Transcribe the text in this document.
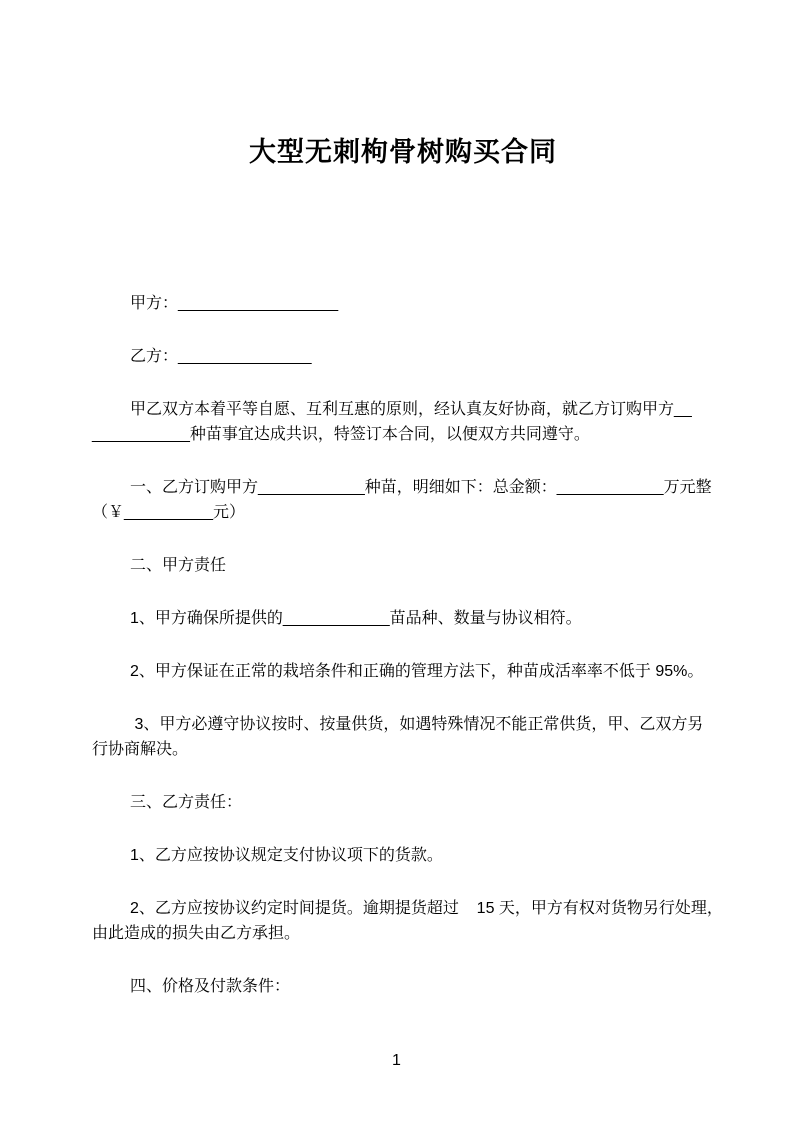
大型无刺枸骨树购买合同
甲方：__________________
乙方：_______________
甲乙双方本着平等自愿、互利互惠的原则，经认真友好协商，就乙方订购甲方__
___________种苗事宜达成共识，特签订本合同，以便双方共同遵守。
一、乙方订购甲方____________种苗，明细如下：总金额：____________万元整
（￥__________元）
二、甲方责任
1、甲方确保所提供的____________苗品种、数量与协议相符。
2、甲方保证在正常的栽培条件和正确的管理方法下，种苗成活率率不低于 95%。
3、甲方必遵守协议按时、按量供货，如遇特殊情况不能正常供货，甲、乙双方另
行协商解决。
三、乙方责任：
1、乙方应按协议规定支付协议项下的货款。
2、乙方应按协议约定时间提货。逾期提货超过    15 天，甲方有权对货物另行处理，
由此造成的损失由乙方承担。
四、价格及付款条件：
1
